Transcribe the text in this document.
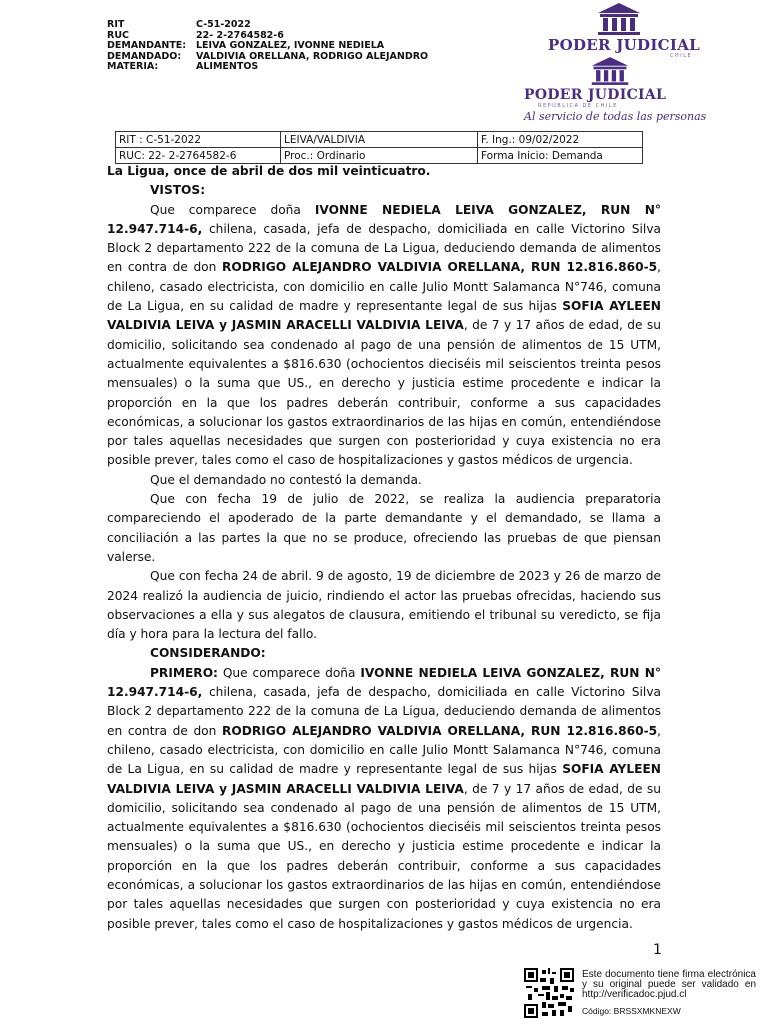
RIT	C-51-2022
RUC	22- 2-2764582-6
DEMANDANTE:	LEIVA GONZALEZ, IVONNE NEDIELA
DEMANDADO:	VALDIVIA ORELLANA, RODRIGO ALEJANDRO
MATERIA:	ALIMENTOS
PODER JUDICIAL
CHILE
PODER JUDICIAL
REPÚBLICA DE CHILE
Al servicio de todas las personas
RIT : C-51-2022	LEIVA/VALDIVIA	F. Ing.: 09/02/2022
RUC: 22- 2-2764582-6	Proc.: Ordinario	Forma Inicio: Demanda

La Ligua, once de abril de dos mil veinticuatro.

VISTOS:

Que comparece doña IVONNE NEDIELA LEIVA GONZALEZ, RUN N° 12.947.714-6, chilena, casada, jefa de despacho, domiciliada en calle Victorino Silva Block 2 departamento 222 de la comuna de La Ligua, deduciendo demanda de alimentos en contra de don RODRIGO ALEJANDRO VALDIVIA ORELLANA, RUN 12.816.860-5, chileno, casado electricista, con domicilio en calle Julio Montt Salamanca N°746, comuna de La Ligua, en su calidad de madre y representante legal de sus hijas SOFIA AYLEEN VALDIVIA LEIVA y JASMIN ARACELLI VALDIVIA LEIVA, de 7 y 17 años de edad, de su domicilio, solicitando sea condenado al pago de una pensión de alimentos de 15 UTM, actualmente equivalentes a $816.630 (ochocientos dieciséis mil seiscientos treinta pesos mensuales) o la suma que US., en derecho y justicia estime procedente e indicar la proporción en la que los padres deberán contribuir, conforme a sus capacidades económicas, a solucionar los gastos extraordinarios de las hijas en común, entendiéndose por tales aquellas necesidades que surgen con posterioridad y cuya existencia no era posible prever, tales como el caso de hospitalizaciones y gastos médicos de urgencia.

Que el demandado no contestó la demanda.

Que con fecha 19 de julio de 2022, se realiza la audiencia preparatoria compareciendo el apoderado de la parte demandante y el demandado, se llama a conciliación a las partes la que no se produce, ofreciendo las pruebas de que piensan valerse.

Que con fecha 24 de abril. 9 de agosto, 19 de diciembre de 2023 y 26 de marzo de 2024 realizó la audiencia de juicio, rindiendo el actor las pruebas ofrecidas, haciendo sus observaciones a ella y sus alegatos de clausura, emitiendo el tribunal su veredicto, se fija día y hora para la lectura del fallo.

CONSIDERANDO:

PRIMERO: Que comparece doña IVONNE NEDIELA LEIVA GONZALEZ, RUN N° 12.947.714-6, chilena, casada, jefa de despacho, domiciliada en calle Victorino Silva Block 2 departamento 222 de la comuna de La Ligua, deduciendo demanda de alimentos en contra de don RODRIGO ALEJANDRO VALDIVIA ORELLANA, RUN 12.816.860-5, chileno, casado electricista, con domicilio en calle Julio Montt Salamanca N°746, comuna de La Ligua, en su calidad de madre y representante legal de sus hijas SOFIA AYLEEN VALDIVIA LEIVA y JASMIN ARACELLI VALDIVIA LEIVA, de 7 y 17 años de edad, de su domicilio, solicitando sea condenado al pago de una pensión de alimentos de 15 UTM, actualmente equivalentes a $816.630 (ochocientos dieciséis mil seiscientos treinta pesos mensuales) o la suma que US., en derecho y justicia estime procedente e indicar la proporción en la que los padres deberán contribuir, conforme a sus capacidades económicas, a solucionar los gastos extraordinarios de las hijas en común, entendiéndose por tales aquellas necesidades que surgen con posterioridad y cuya existencia no era posible prever, tales como el caso de hospitalizaciones y gastos médicos de urgencia.

1
Este documento tiene firma electrónica y su original puede ser validado en http://verificadoc.pjud.cl
Código: BRSSXMKNEXW
